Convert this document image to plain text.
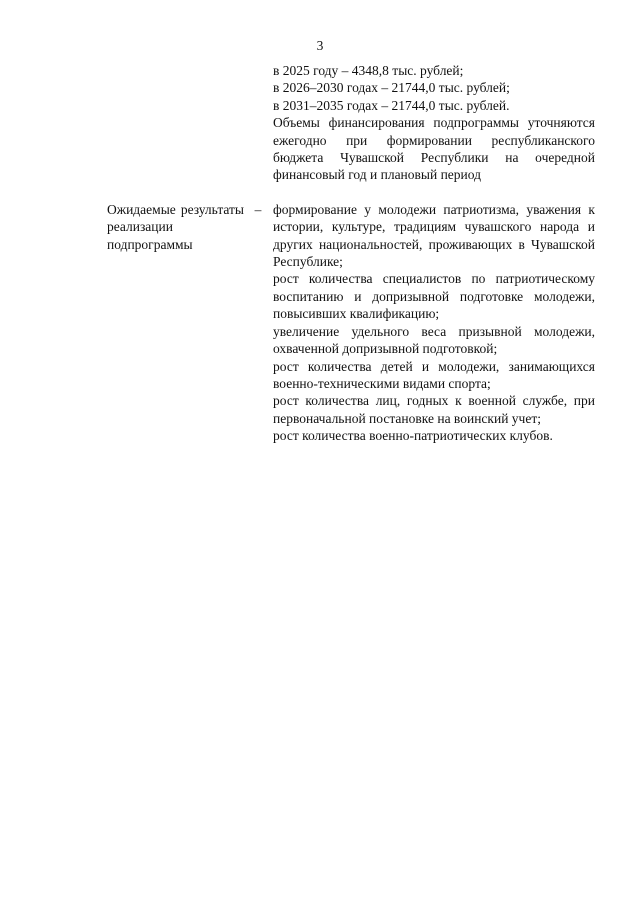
3
в 2025 году – 4348,8 тыс. рублей;
в 2026–2030 годах – 21744,0 тыс. рублей;
в 2031–2035 годах – 21744,0 тыс. рублей.
Объемы финансирования подпрограммы уточняются ежегодно при формировании республиканского бюджета Чувашской Республики на очередной финансовый год и плановый период
Ожидаемые результаты реализации подпрограммы
– формирование у молодежи патриотизма, уважения к истории, культуре, традициям чувашского народа и других национальностей, проживающих в Чувашской Республике;
рост количества специалистов по патриотическому воспитанию и допризывной подготовке молодежи, повысивших квалификацию;
увеличение удельного веса призывной молодежи, охваченной допризывной подготовкой;
рост количества детей и молодежи, занимающихся военно-техническими видами спорта;
рост количества лиц, годных к военной службе, при первоначальной постановке на воинский учет;
рост количества военно-патриотических клубов.
